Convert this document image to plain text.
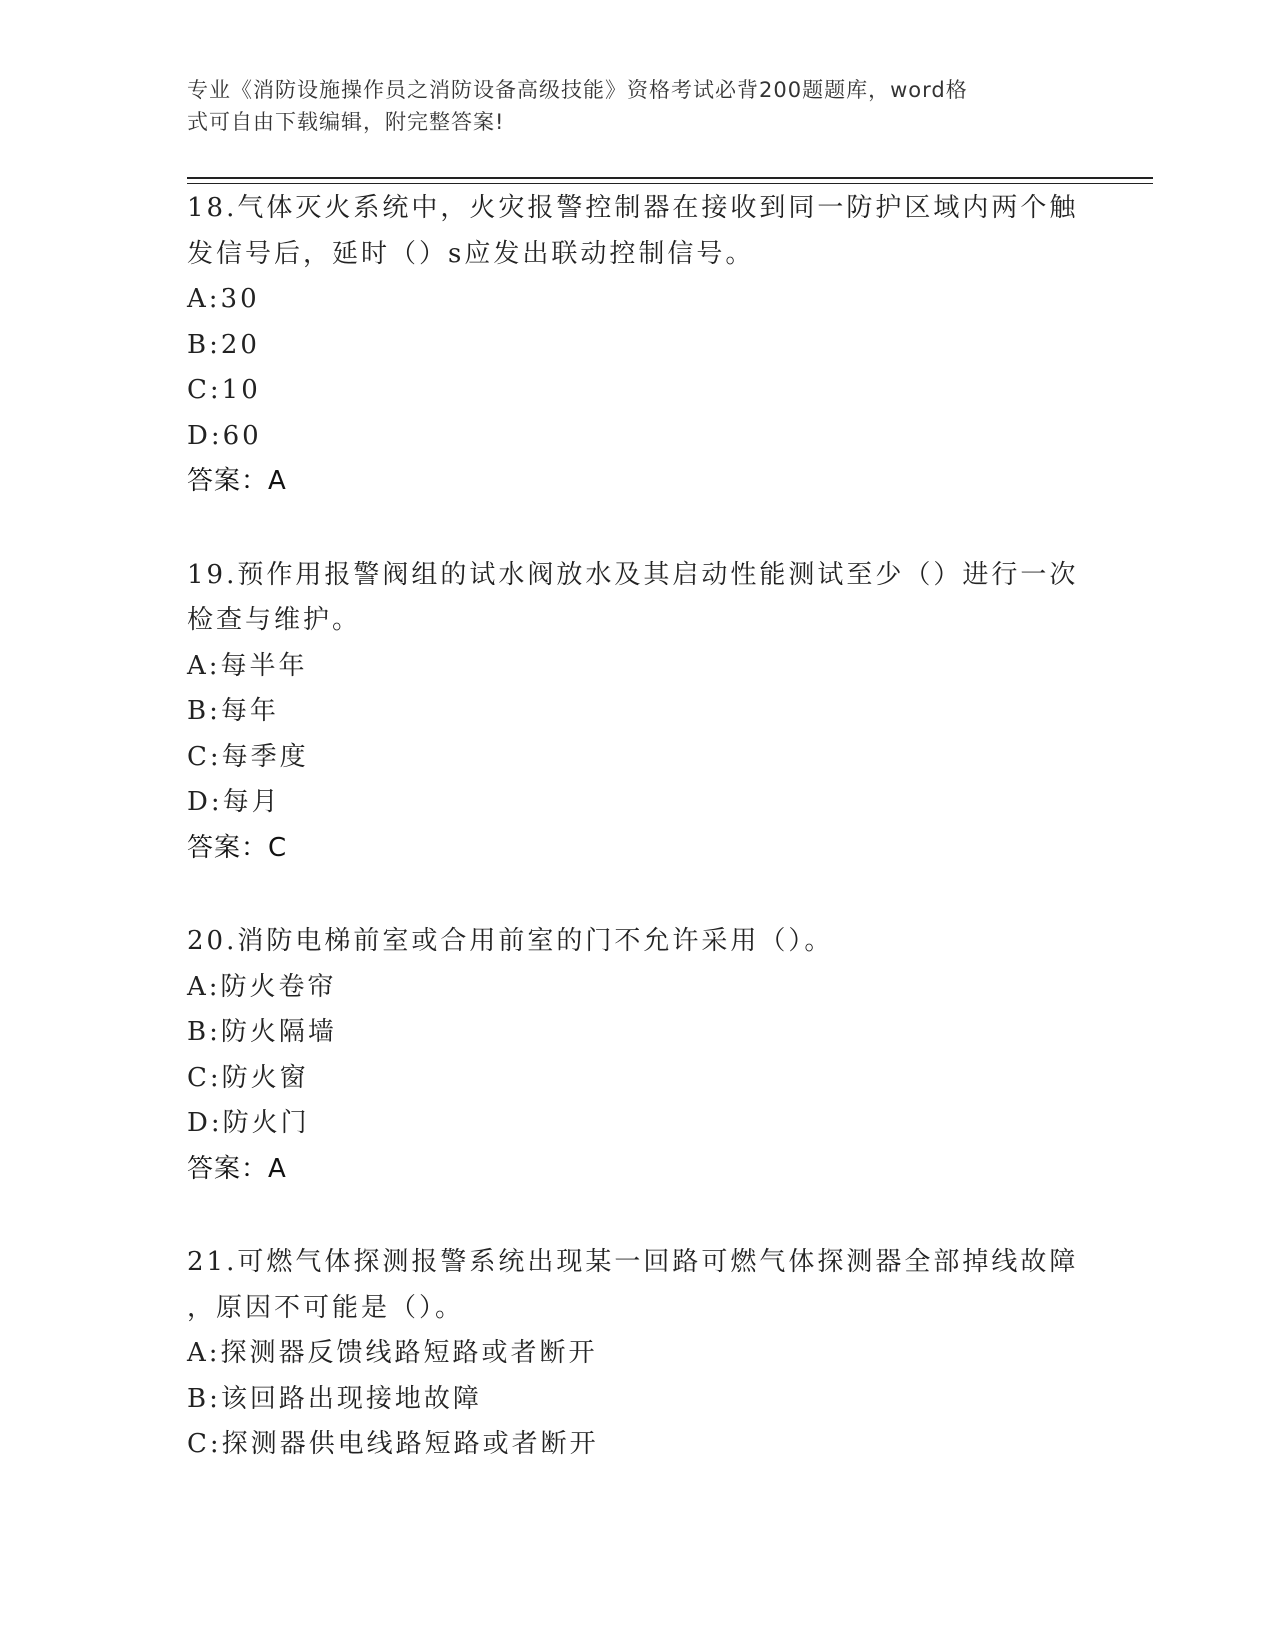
专业《消防设施操作员之消防设备高级技能》资格考试必背200题题库，word格
式可自由下载编辑，附完整答案!
18.气体灭火系统中，火灾报警控制器在接收到同一防护区域内两个触
发信号后，延时（）s应发出联动控制信号。
A:30
B:20
C:10
D:60
答案：A
19.预作用报警阀组的试水阀放水及其启动性能测试至少（）进行一次
检查与维护。
A:每半年
B:每年
C:每季度
D:每月
答案：C
20.消防电梯前室或合用前室的门不允许采用（）。
A:防火卷帘
B:防火隔墙
C:防火窗
D:防火门
答案：A
21.可燃气体探测报警系统出现某一回路可燃气体探测器全部掉线故障
，原因不可能是（）。
A:探测器反馈线路短路或者断开
B:该回路出现接地故障
C:探测器供电线路短路或者断开
